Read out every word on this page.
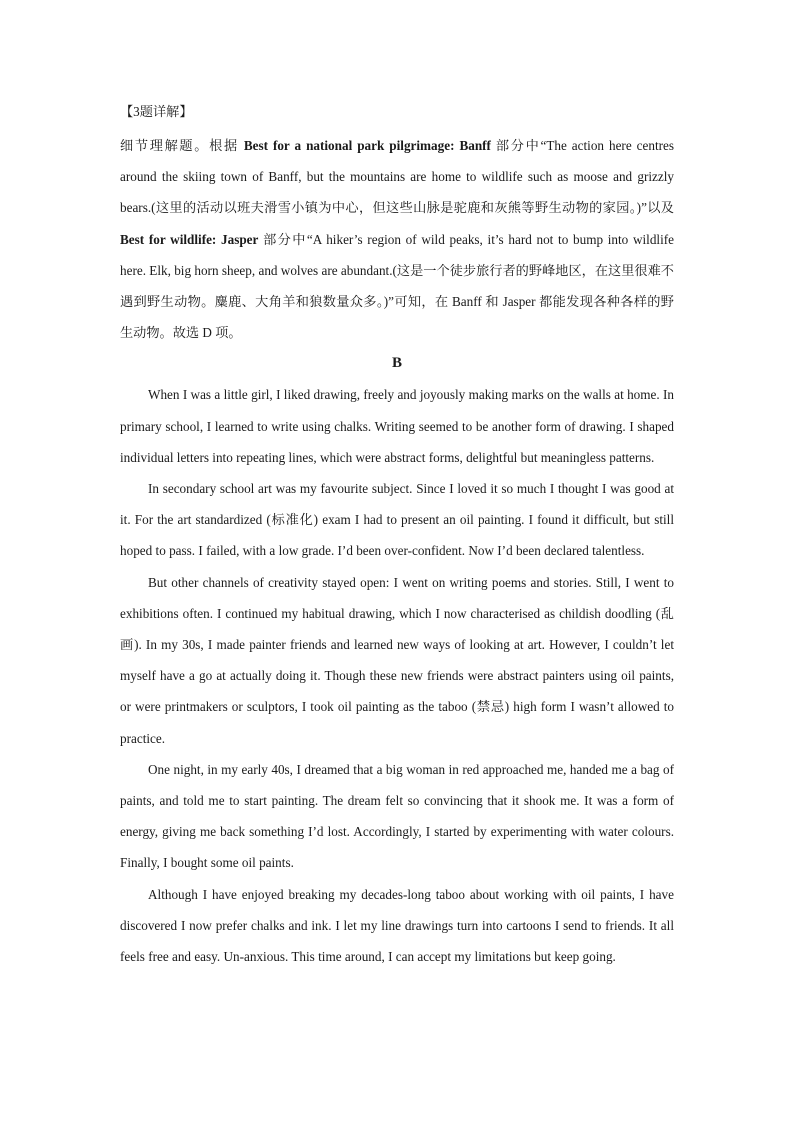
【3题详解】

细节理解题。根据 Best for a national park pilgrimage: Banff 部分中“The action here centres around the skiing town of Banff, but the mountains are home to wildlife such as moose and grizzly bears.(这里的活动以班夫滑雪小镇为中心，但这些山脉是驼鹿和灰熊等野生动物的家园。)”以及 Best for wildlife: Jasper 部分中“A hiker’s region of wild peaks, it’s hard not to bump into wildlife here. Elk, big horn sheep, and wolves are abundant.(这是一个徒步旅行者的野峰地区，在这里很难不遇到野生动物。麋鹿、大角羊和狼数量众多。)”可知，在 Banff 和 Jasper 都能发现各种各样的野生动物。故选 D 项。

B

When I was a little girl, I liked drawing, freely and joyously making marks on the walls at home. In primary school, I learned to write using chalks. Writing seemed to be another form of drawing. I shaped individual letters into repeating lines, which were abstract forms, delightful but meaningless patterns.

In secondary school art was my favourite subject. Since I loved it so much I thought I was good at it. For the art standardized (标准化) exam I had to present an oil painting. I found it difficult, but still hoped to pass. I failed, with a low grade. I’d been over-confident. Now I’d been declared talentless.

But other channels of creativity stayed open: I went on writing poems and stories. Still, I went to exhibitions often. I continued my habitual drawing, which I now characterised as childish doodling (乱画). In my 30s, I made painter friends and learned new ways of looking at art. However, I couldn’t let myself have a go at actually doing it. Though these new friends were abstract painters using oil paints, or were printmakers or sculptors, I took oil painting as the taboo (禁忌) high form I wasn’t allowed to practice.

One night, in my early 40s, I dreamed that a big woman in red approached me, handed me a bag of paints, and told me to start painting. The dream felt so convincing that it shook me. It was a form of energy, giving me back something I’d lost. Accordingly, I started by experimenting with water colours. Finally, I bought some oil paints.

Although I have enjoyed breaking my decades-long taboo about working with oil paints, I have discovered I now prefer chalks and ink. I let my line drawings turn into cartoons I send to friends. It all feels free and easy. Un-anxious. This time around, I can accept my limitations but keep going.
